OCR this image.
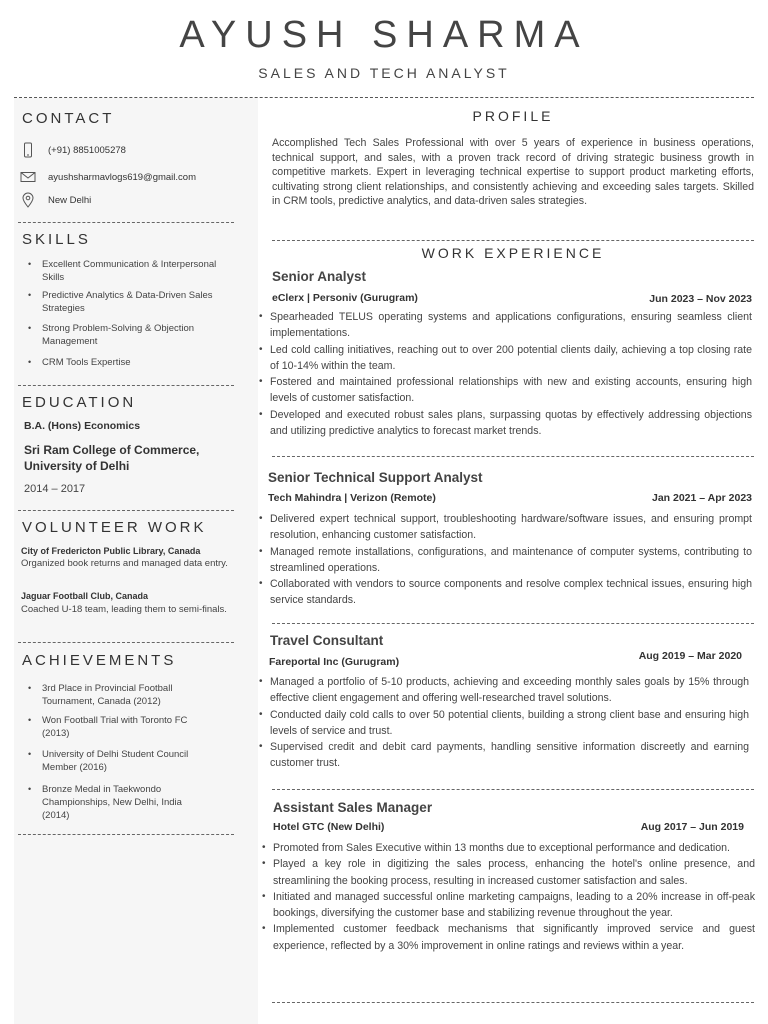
AYUSH SHARMA
SALES AND TECH ANALYST
CONTACT
(+91) 8851005278
ayushsharmavlogs619@gmail.com
New Delhi
SKILLS
• Excellent Communication & Interpersonal Skills
• Predictive Analytics & Data-Driven Sales Strategies
• Strong Problem-Solving & Objection Management
• CRM Tools Expertise
EDUCATION
B.A. (Hons) Economics
Sri Ram College of Commerce, University of Delhi
2014 – 2017
VOLUNTEER WORK
City of Fredericton Public Library, Canada
Organized book returns and managed data entry.
Jaguar Football Club, Canada
Coached U-18 team, leading them to semi-finals.
ACHIEVEMENTS
• 3rd Place in Provincial Football Tournament, Canada (2012)
• Won Football Trial with Toronto FC (2013)
• University of Delhi Student Council Member (2016)
• Bronze Medal in Taekwondo Championships, New Delhi, India (2014)
PROFILE
Accomplished Tech Sales Professional with over 5 years of experience in business operations, technical support, and sales, with a proven track record of driving strategic business growth in competitive markets. Expert in leveraging technical expertise to support product marketing efforts, cultivating strong client relationships, and consistently achieving and exceeding sales targets. Skilled in CRM tools, predictive analytics, and data-driven sales strategies.
WORK EXPERIENCE
Senior Analyst
eClerx | Personiv (Gurugram)	Jun 2023 – Nov 2023
• Spearheaded TELUS operating systems and applications configurations, ensuring seamless client implementations.
• Led cold calling initiatives, reaching out to over 200 potential clients daily, achieving a top closing rate of 10-14% within the team.
• Fostered and maintained professional relationships with new and existing accounts, ensuring high levels of customer satisfaction.
• Developed and executed robust sales plans, surpassing quotas by effectively addressing objections and utilizing predictive analytics to forecast market trends.
Senior Technical Support Analyst
Tech Mahindra | Verizon (Remote)	Jan 2021 – Apr 2023
• Delivered expert technical support, troubleshooting hardware/software issues, and ensuring prompt resolution, enhancing customer satisfaction.
• Managed remote installations, configurations, and maintenance of computer systems, contributing to streamlined operations.
• Collaborated with vendors to source components and resolve complex technical issues, ensuring high service standards.
Travel Consultant
Fareportal Inc (Gurugram)	Aug 2019 – Mar 2020
• Managed a portfolio of 5-10 products, achieving and exceeding monthly sales goals by 15% through effective client engagement and offering well-researched travel solutions.
• Conducted daily cold calls to over 50 potential clients, building a strong client base and ensuring high levels of service and trust.
• Supervised credit and debit card payments, handling sensitive information discreetly and earning customer trust.
Assistant Sales Manager
Hotel GTC (New Delhi)	Aug 2017 – Jun 2019
• Promoted from Sales Executive within 13 months due to exceptional performance and dedication.
• Played a key role in digitizing the sales process, enhancing the hotel's online presence, and streamlining the booking process, resulting in increased customer satisfaction and sales.
• Initiated and managed successful online marketing campaigns, leading to a 20% increase in off-peak bookings, diversifying the customer base and stabilizing revenue throughout the year.
• Implemented customer feedback mechanisms that significantly improved service and guest experience, reflected by a 30% improvement in online ratings and reviews within a year.
